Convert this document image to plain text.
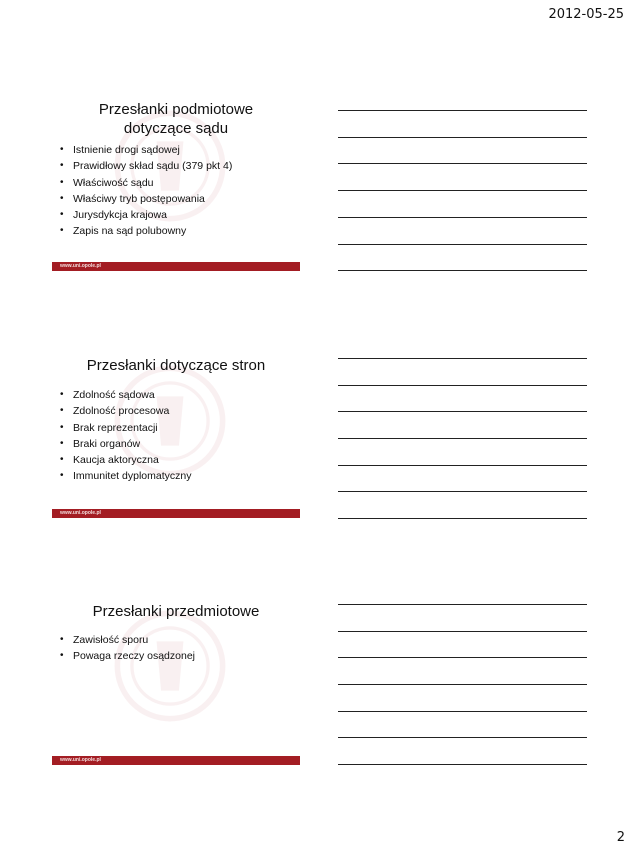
2012-05-25
Przesłanki podmiotowe
dotyczące sądu
• Istnienie drogi sądowej
• Prawidłowy skład sądu (379 pkt 4)
• Właściwość sądu
• Właściwy tryb postępowania
• Jurysdykcja krajowa
• Zapis na sąd polubowny
www.uni.opole.pl
Przesłanki dotyczące stron
• Zdolność sądowa
• Zdolność procesowa
• Brak reprezentacji
• Braki organów
• Kaucja aktoryczna
• Immunitet dyplomatyczny
www.uni.opole.pl
Przesłanki przedmiotowe
• Zawisłość sporu
• Powaga rzeczy osądzonej
www.uni.opole.pl
2
